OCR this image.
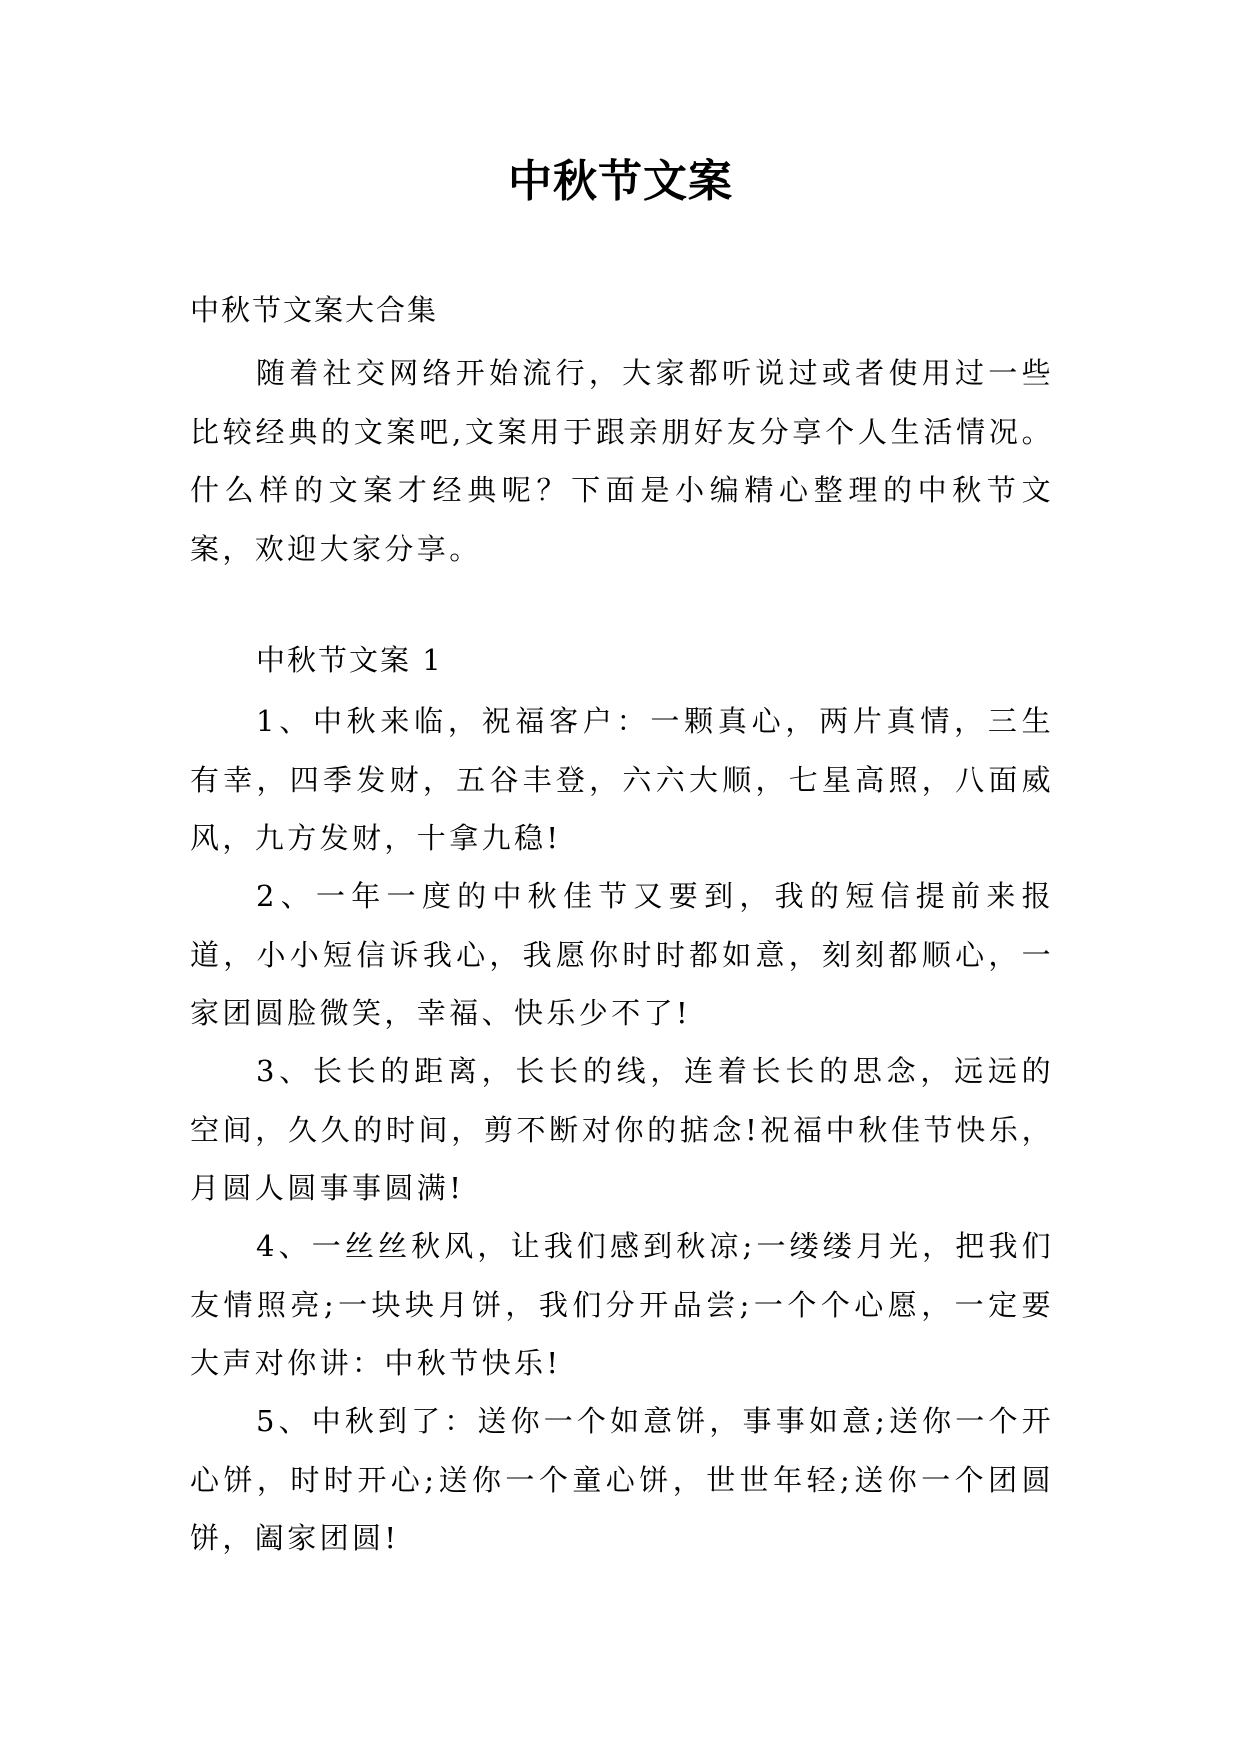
中秋节文案

中秋节文案大合集

随着社交网络开始流行，大家都听说过或者使用过一些比较经典的文案吧,文案用于跟亲朋好友分享个人生活情况。什么样的文案才经典呢？下面是小编精心整理的中秋节文案，欢迎大家分享。

中秋节文案 1

1、中秋来临，祝福客户：一颗真心，两片真情，三生有幸，四季发财，五谷丰登，六六大顺，七星高照，八面威风，九方发财，十拿九稳!

2、一年一度的中秋佳节又要到，我的短信提前来报道，小小短信诉我心，我愿你时时都如意，刻刻都顺心，一家团圆脸微笑，幸福、快乐少不了!

3、长长的距离，长长的线，连着长长的思念，远远的空间，久久的时间，剪不断对你的掂念!祝福中秋佳节快乐，月圆人圆事事圆满!

4、一丝丝秋风，让我们感到秋凉;一缕缕月光，把我们友情照亮;一块块月饼，我们分开品尝;一个个心愿，一定要大声对你讲：中秋节快乐!

5、中秋到了：送你一个如意饼，事事如意;送你一个开心饼，时时开心;送你一个童心饼，世世年轻;送你一个团圆饼，阖家团圆!
